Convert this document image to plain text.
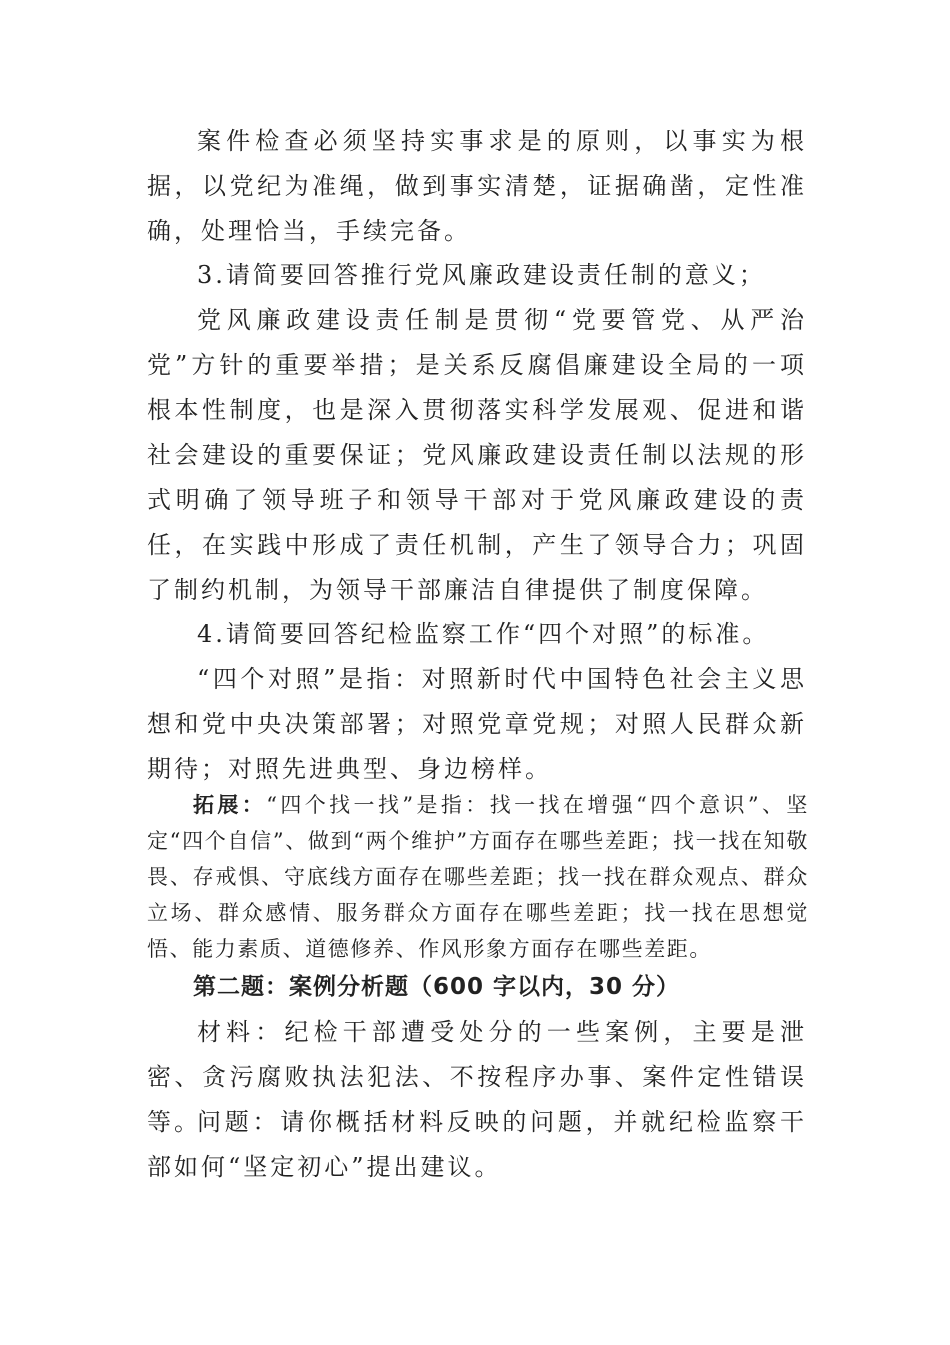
案件检查必须坚持实事求是的原则，以事实为根据，以党纪为准绳，做到事实清楚，证据确凿，定性准确，处理恰当，手续完备。

3.请简要回答推行党风廉政建设责任制的意义；

党风廉政建设责任制是贯彻“党要管党、从严治党”方针的重要举措；是关系反腐倡廉建设全局的一项根本性制度，也是深入贯彻落实科学发展观、促进和谐社会建设的重要保证；党风廉政建设责任制以法规的形式明确了领导班子和领导干部对于党风廉政建设的责任，在实践中形成了责任机制，产生了领导合力；巩固了制约机制，为领导干部廉洁自律提供了制度保障。

4.请简要回答纪检监察工作“四个对照”的标准。

“四个对照”是指：对照新时代中国特色社会主义思想和党中央决策部署；对照党章党规；对照人民群众新期待；对照先进典型、身边榜样。

拓展：“四个找一找”是指：找一找在增强“四个意识”、坚定“四个自信”、做到“两个维护”方面存在哪些差距；找一找在知敬畏、存戒惧、守底线方面存在哪些差距；找一找在群众观点、群众立场、群众感情、服务群众方面存在哪些差距；找一找在思想觉悟、能力素质、道德修养、作风形象方面存在哪些差距。

第二题：案例分析题（600 字以内，30 分）

材料：纪检干部遭受处分的一些案例，主要是泄密、贪污腐败执法犯法、不按程序办事、案件定性错误等。

问题：请你概括材料反映的问题，并就纪检监察干部如何“坚定初心”提出建议。
